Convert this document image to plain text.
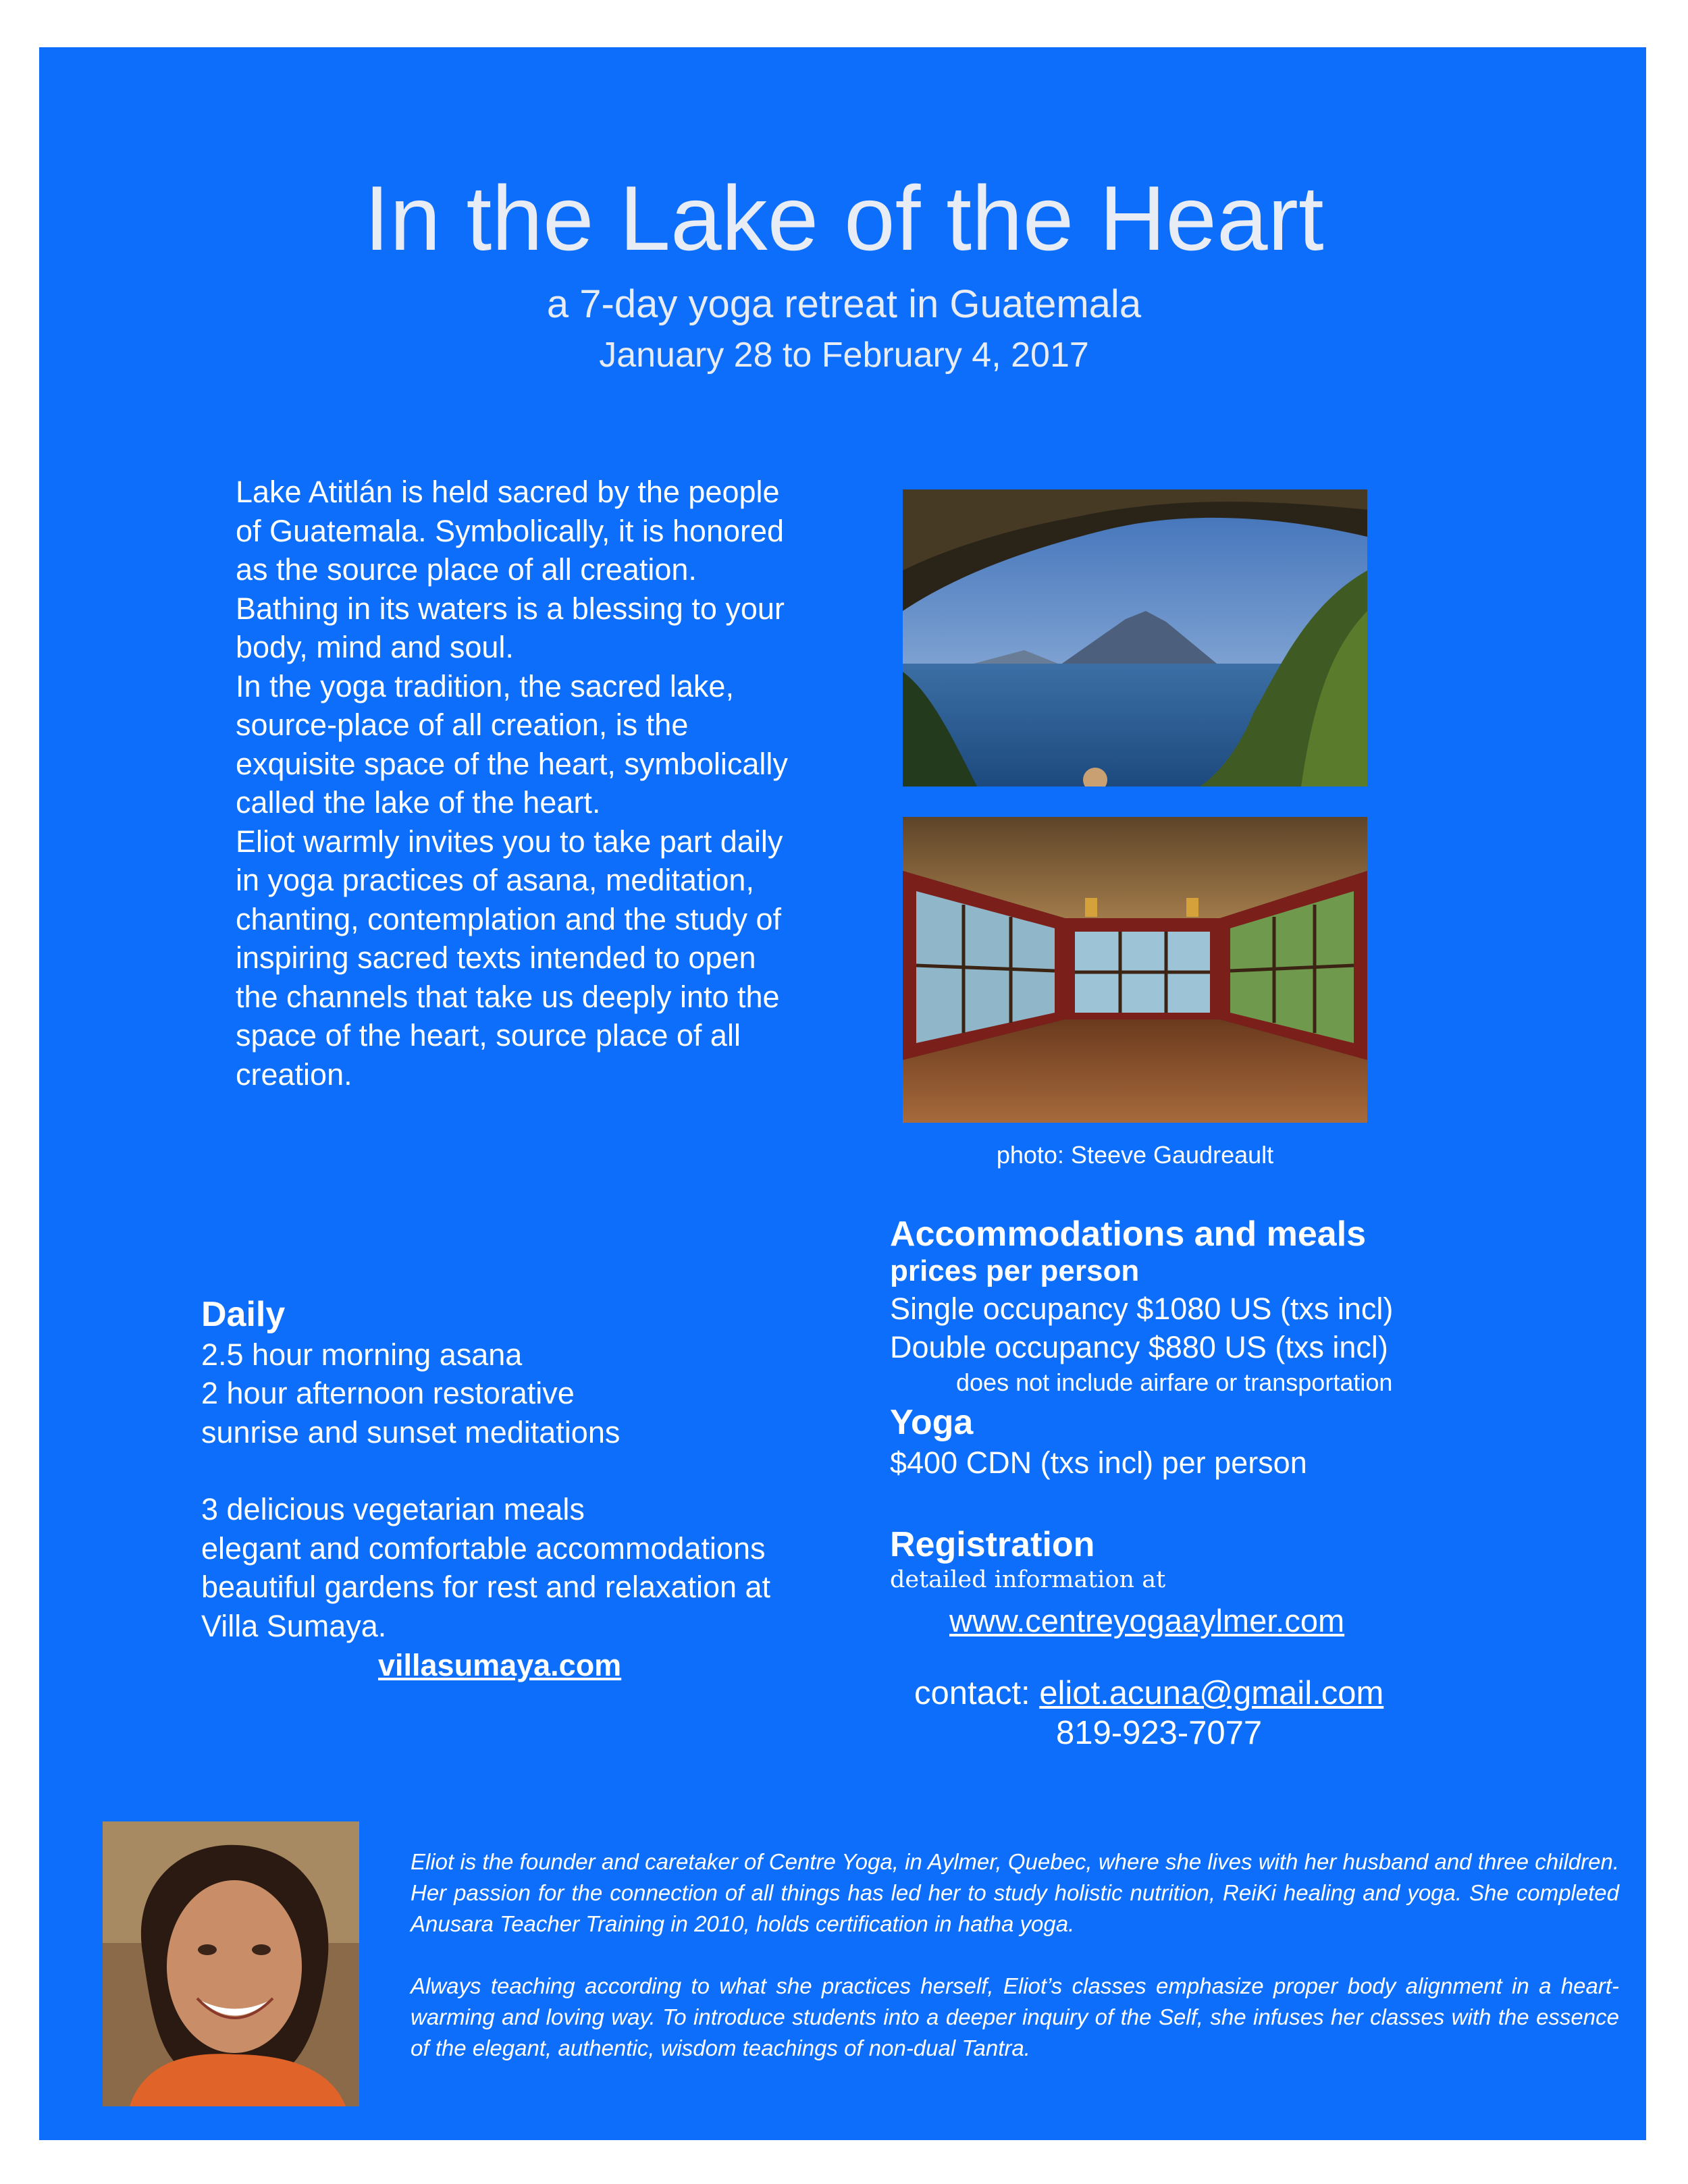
In the Lake of the Heart
a 7-day yoga retreat in Guatemala
January 28 to February 4, 2017

Lake Atitlán is held sacred by the people of Guatemala. Symbolically, it is honored as the source place of all creation. Bathing in its waters is a blessing to your body, mind and soul.

In the yoga tradition, the sacred lake, source-place of all creation, is the exquisite space of the heart, symbolically called the lake of the heart.

Eliot warmly invites you to take part daily in yoga practices of asana, meditation, chanting, contemplation and the study of inspiring sacred texts intended to open the channels that take us deeply into the space of the heart, source place of all creation.

photo: Steeve Gaudreault
Daily
2.5 hour morning asana
2 hour afternoon restorative
sunrise and sunset meditations
3 delicious vegetarian meals
elegant and comfortable accommodations
beautiful gardens for rest and relaxation at
Villa Sumaya.
villasumaya.com
Accommodations and meals
prices per person
Single occupancy $1080 US (txs incl)
Double occupancy $880 US (txs incl)
does not include airfare or transportation
Yoga
$400 CDN (txs incl) per person
Registration
detailed information at
www.centreyogaaylmer.com
contact: eliot.acuna@gmail.com
819-923-7077

Eliot is the founder and caretaker of Centre Yoga, in Aylmer, Quebec, where she lives with her husband and three children. Her passion for the connection of all things has led her to study holistic nutrition, ReiKi healing and yoga. She completed Anusara Teacher Training in 2010, holds certification in hatha yoga.

Always teaching according to what she practices herself, Eliot’s classes emphasize proper body alignment in a heart-warming and loving way. To introduce students into a deeper inquiry of the Self, she infuses her classes with the essence of the elegant, authentic, wisdom teachings of non-dual Tantra.
